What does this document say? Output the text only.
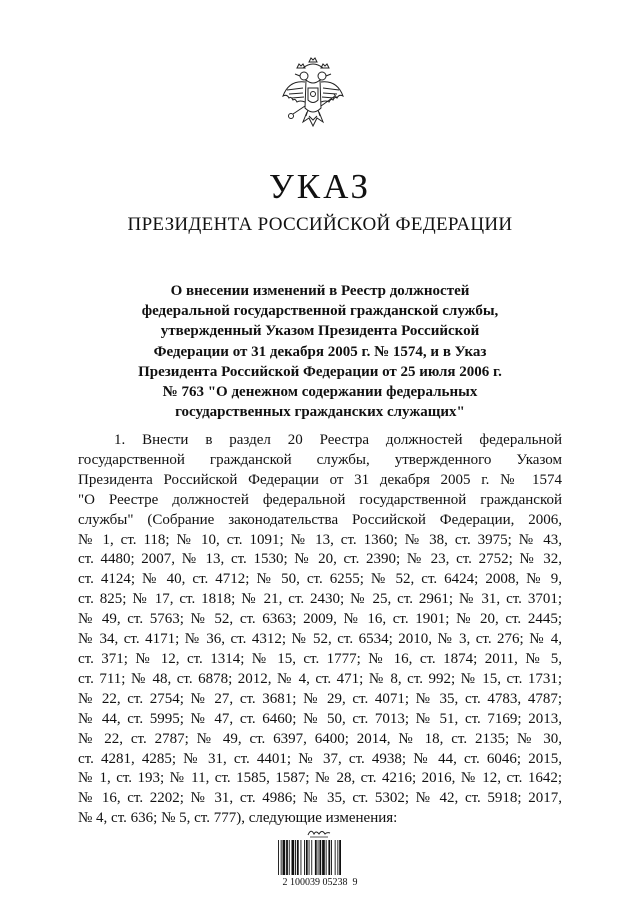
УКАЗ
ПРЕЗИДЕНТА РОССИЙСКОЙ ФЕДЕРАЦИИ
О внесении изменений в Реестр должностей
федеральной государственной гражданской службы,
утвержденный Указом Президента Российской
Федерации от 31 декабря 2005 г. № 1574, и в Указ
Президента Российской Федерации от 25 июля 2006 г.
№ 763 "О денежном содержании федеральных
государственных гражданских служащих"
1. Внести в раздел 20 Реестра должностей федеральной
государственной гражданской службы, утвержденного Указом
Президента Российской Федерации от 31 декабря 2005 г. № 1574
"О Реестре должностей федеральной государственной гражданской
службы" (Собрание законодательства Российской Федерации, 2006,
№ 1, ст. 118; № 10, ст. 1091; № 13, ст. 1360; № 38, ст. 3975; № 43,
ст. 4480; 2007, № 13, ст. 1530; № 20, ст. 2390; № 23, ст. 2752; № 32,
ст. 4124; № 40, ст. 4712; № 50, ст. 6255; № 52, ст. 6424; 2008, № 9,
ст. 825; № 17, ст. 1818; № 21, ст. 2430; № 25, ст. 2961; № 31, ст. 3701;
№ 49, ст. 5763; № 52, ст. 6363; 2009, № 16, ст. 1901; № 20, ст. 2445;
№ 34, ст. 4171; № 36, ст. 4312; № 52, ст. 6534; 2010, № 3, ст. 276; № 4,
ст. 371; № 12, ст. 1314; № 15, ст. 1777; № 16, ст. 1874; 2011, № 5,
ст. 711; № 48, ст. 6878; 2012, № 4, ст. 471; № 8, ст. 992; № 15, ст. 1731;
№ 22, ст. 2754; № 27, ст. 3681; № 29, ст. 4071; № 35, ст. 4783, 4787;
№ 44, ст. 5995; № 47, ст. 6460; № 50, ст. 7013; № 51, ст. 7169; 2013,
№ 22, ст. 2787; № 49, ст. 6397, 6400; 2014, № 18, ст. 2135; № 30,
ст. 4281, 4285; № 31, ст. 4401; № 37, ст. 4938; № 44, ст. 6046; 2015,
№ 1, ст. 193; № 11, ст. 1585, 1587; № 28, ст. 4216; 2016, № 12, ст. 1642;
№ 16, ст. 2202; № 31, ст. 4986; № 35, ст. 5302; № 42, ст. 5918; 2017,
№ 4, ст. 636; № 5, ст. 777), следующие изменения:
2 100039 05238  9
